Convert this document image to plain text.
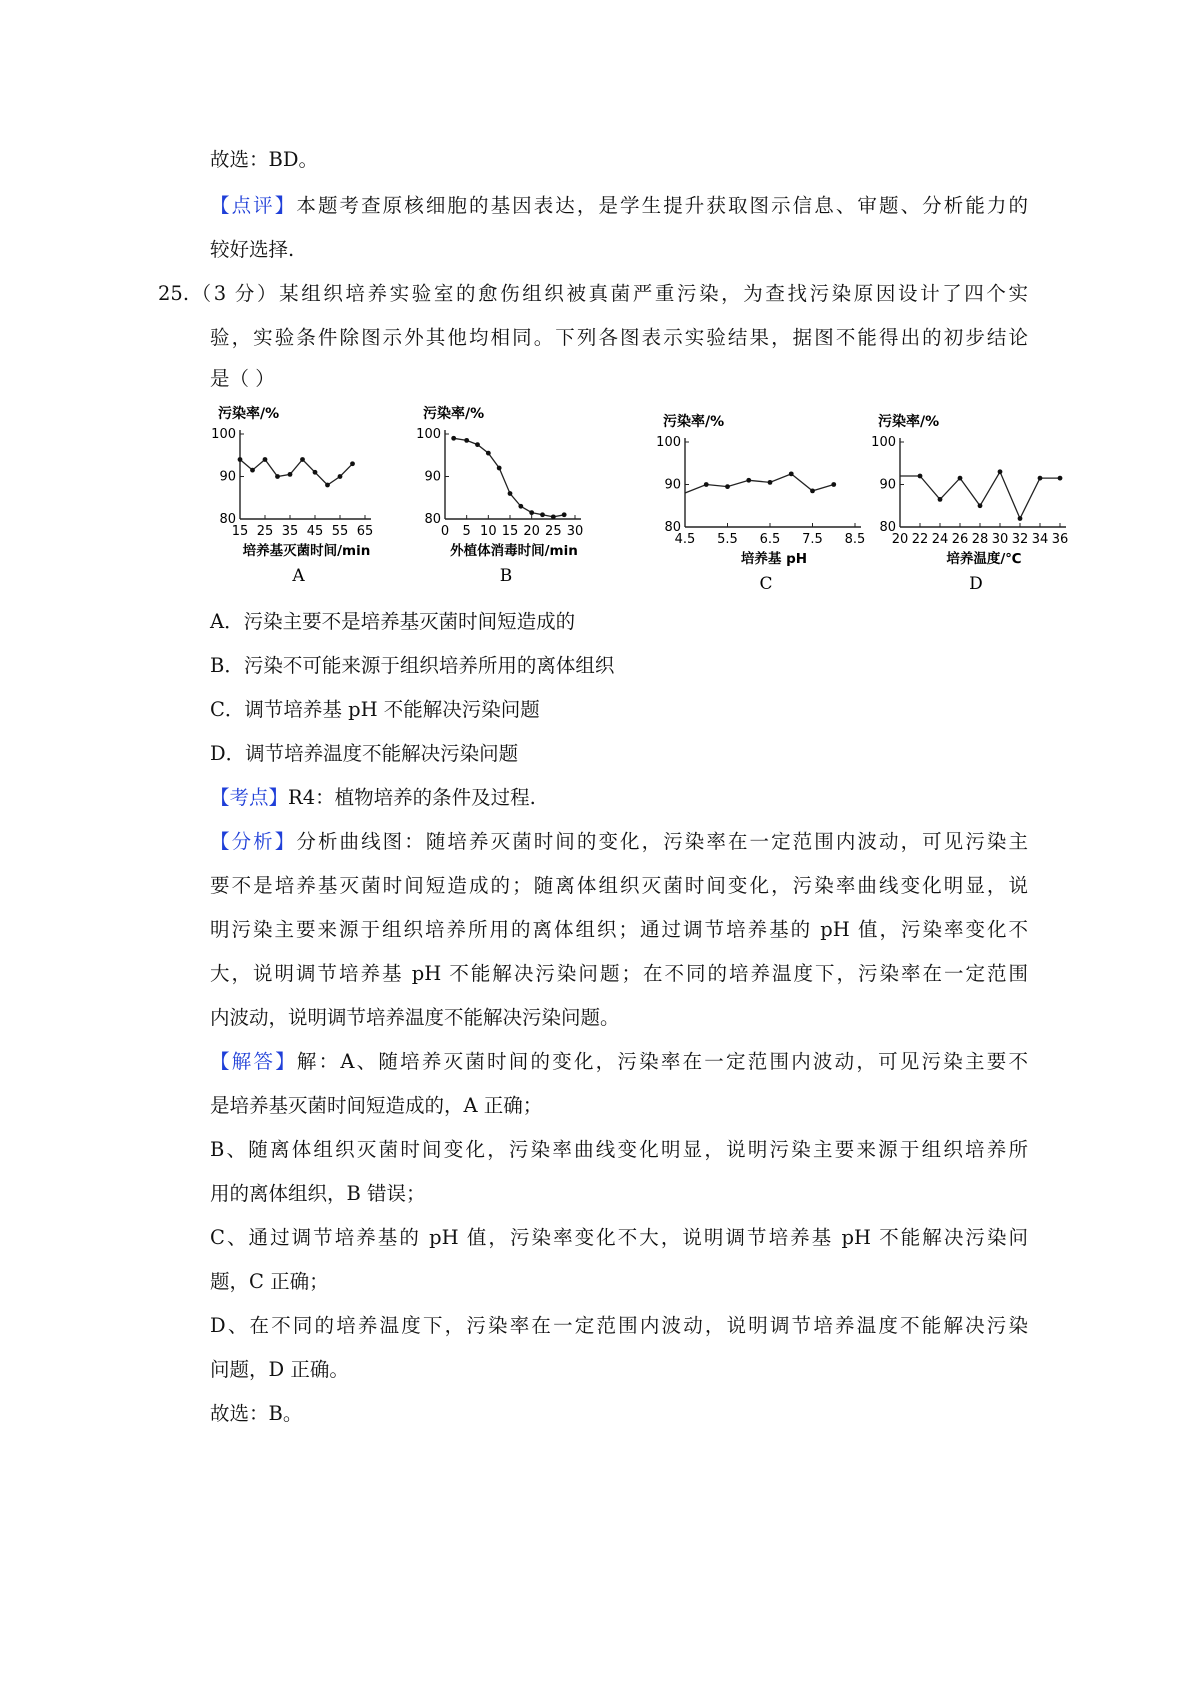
故选：BD。
【点评】本题考查原核细胞的基因表达，是学生提升获取图示信息、审题、分析能力的
较好选择.
25.（3 分）某组织培养实验室的愈伤组织被真菌严重污染，为查找污染原因设计了四个实
验，实验条件除图示外其他均相同。下列各图表示实验结果，据图不能得出的初步结论
是（ ）
污染率/%
80
90
100
15 25 35 45 55 65
培养基灭菌时间/min
A
污染率/%
80
90
100
0 5 10 15 20 25 30
外植体消毒时间/min
B
污染率/%
80
90
100
4.5 5.5 6.5 7.5 8.5
培养基 pH
C
污染率/%
80
90
100
20 22 24 26 28 30 32 34 36
培养温度/℃
D
A．污染主要不是培养基灭菌时间短造成的
B．污染不可能来源于组织培养所用的离体组织
C．调节培养基 pH 不能解决污染问题
D．调节培养温度不能解决污染问题
【考点】R4：植物培养的条件及过程.
【分析】分析曲线图：随培养灭菌时间的变化，污染率在一定范围内波动，可见污染主
要不是培养基灭菌时间短造成的；随离体组织灭菌时间变化，污染率曲线变化明显，说
明污染主要来源于组织培养所用的离体组织；通过调节培养基的 pH 值，污染率变化不
大，说明调节培养基 pH 不能解决污染问题；在不同的培养温度下，污染率在一定范围
内波动，说明调节培养温度不能解决污染问题。
【解答】解：A、随培养灭菌时间的变化，污染率在一定范围内波动，可见污染主要不
是培养基灭菌时间短造成的，A 正确；
B、随离体组织灭菌时间变化，污染率曲线变化明显，说明污染主要来源于组织培养所
用的离体组织，B 错误；
C、通过调节培养基的 pH 值，污染率变化不大，说明调节培养基 pH 不能解决污染问
题，C 正确；
D、在不同的培养温度下，污染率在一定范围内波动，说明调节培养温度不能解决污染
问题，D 正确。
故选：B。
